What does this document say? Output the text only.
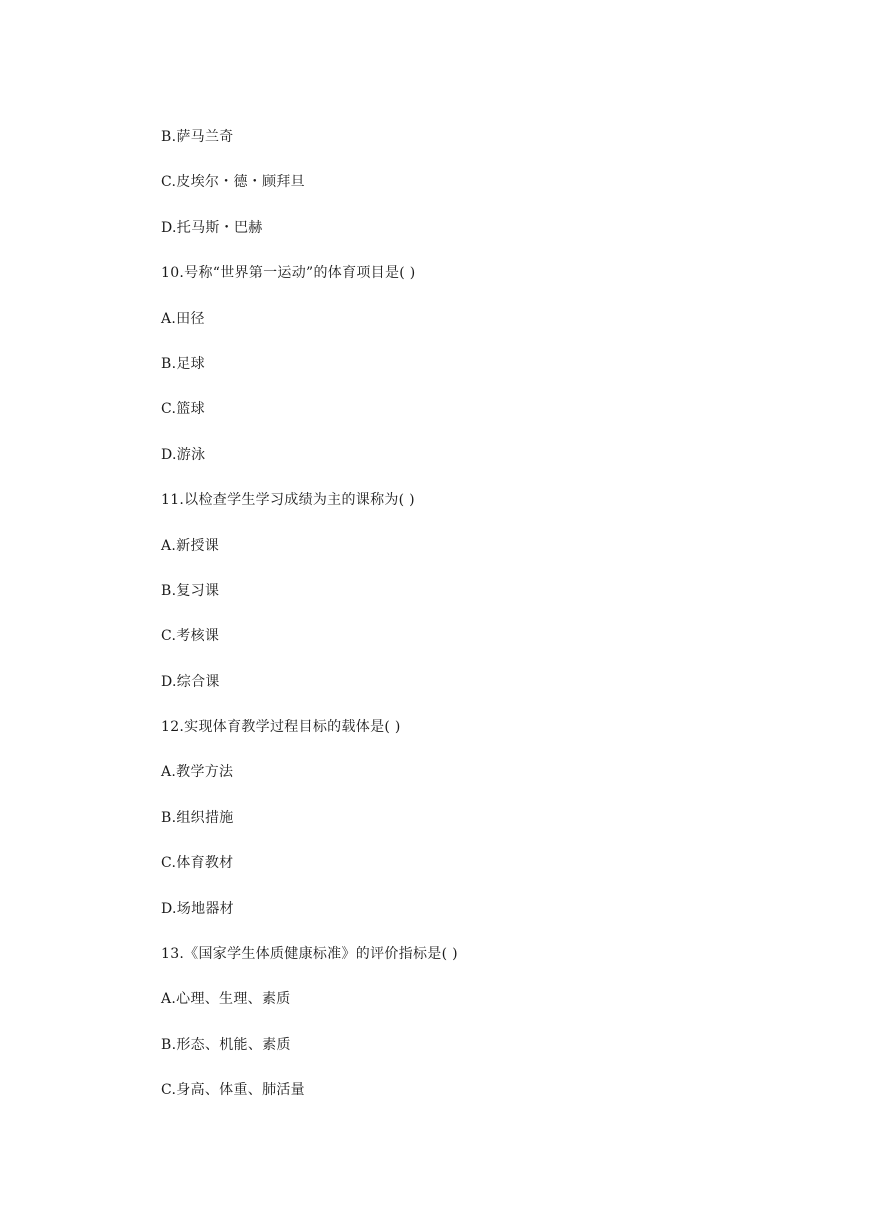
B.萨马兰奇
C.皮埃尔・德・顾拜旦
D.托马斯・巴赫
10.号称“世界第一运动”的体育项目是( )
A.田径
B.足球
C.篮球
D.游泳
11.以检查学生学习成绩为主的课称为( )
A.新授课
B.复习课
C.考核课
D.综合课
12.实现体育教学过程目标的载体是( )
A.教学方法
B.组织措施
C.体育教材
D.场地器材
13.《国家学生体质健康标准》的评价指标是( )
A.心理、生理、素质
B.形态、机能、素质
C.身高、体重、肺活量
